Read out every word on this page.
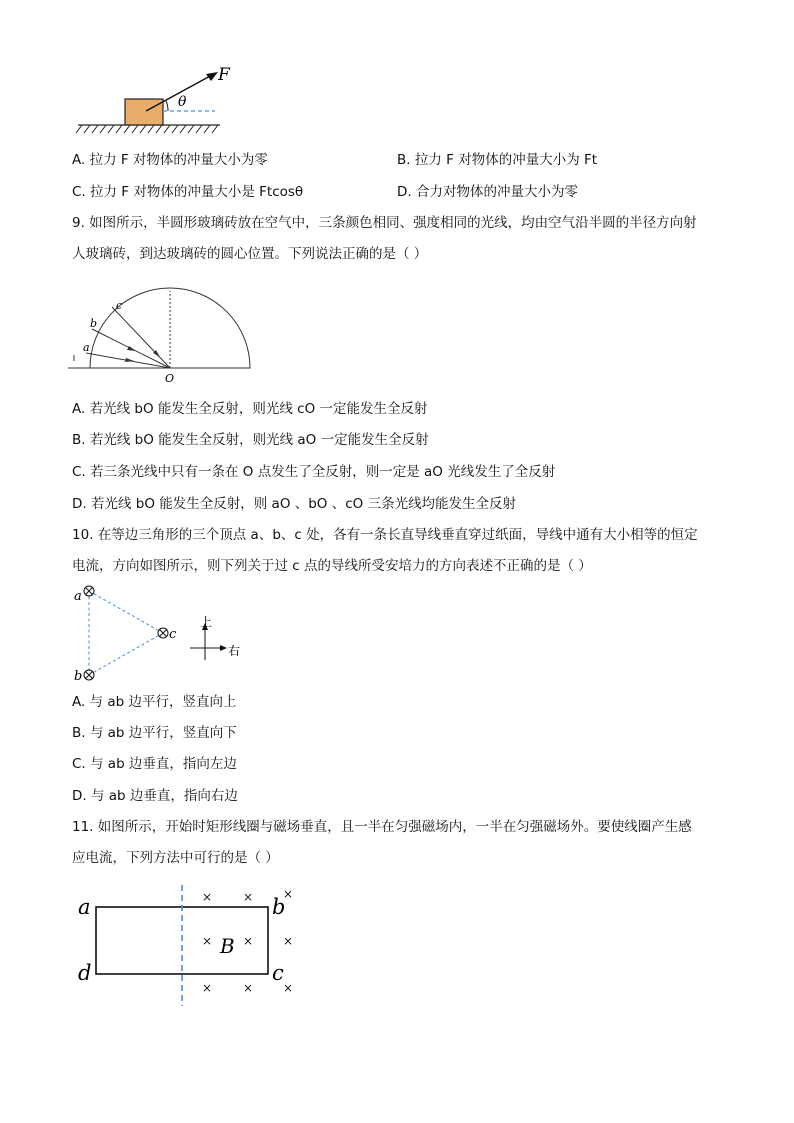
F
θ
A. 拉力 F 对物体的冲量大小为零	B. 拉力 F 对物体的冲量大小为 Ft
C. 拉力 F 对物体的冲量大小是 Ftcosθ	D. 合力对物体的冲量大小为零
9. 如图所示，半圆形玻璃砖放在空气中，三条颜色相同、强度相同的光线，均由空气沿半圆的半径方向射
人玻璃砖，到达玻璃砖的圆心位置。下列说法正确的是（ ）
c
b
a
O
A. 若光线 bO 能发生全反射，则光线 cO 一定能发生全反射
B. 若光线 bO 能发生全反射，则光线 aO 一定能发生全反射
C. 若三条光线中只有一条在 O 点发生了全反射，则一定是 aO 光线发生了全反射
D. 若光线 bO 能发生全反射，则 aO 、bO 、cO 三条光线均能发生全反射
10. 在等边三角形的三个顶点 a、b、c 处，各有一条长直导线垂直穿过纸面，导线中通有大小相等的恒定
电流，方向如图所示，则下列关于过 c 点的导线所受安培力的方向表述不正确的是（ ）
a
b
c
上
右
A. 与 ab 边平行，竖直向上
B. 与 ab 边平行，竖直向下
C. 与 ab 边垂直，指向左边
D. 与 ab 边垂直，指向右边
11. 如图所示，开始时矩形线圈与磁场垂直，且一半在匀强磁场内，一半在匀强磁场外。要使线圈产生感
应电流，下列方法中可行的是（ ）
×	× ×
×	× ×
×	× ×
B
a	b
c
d
